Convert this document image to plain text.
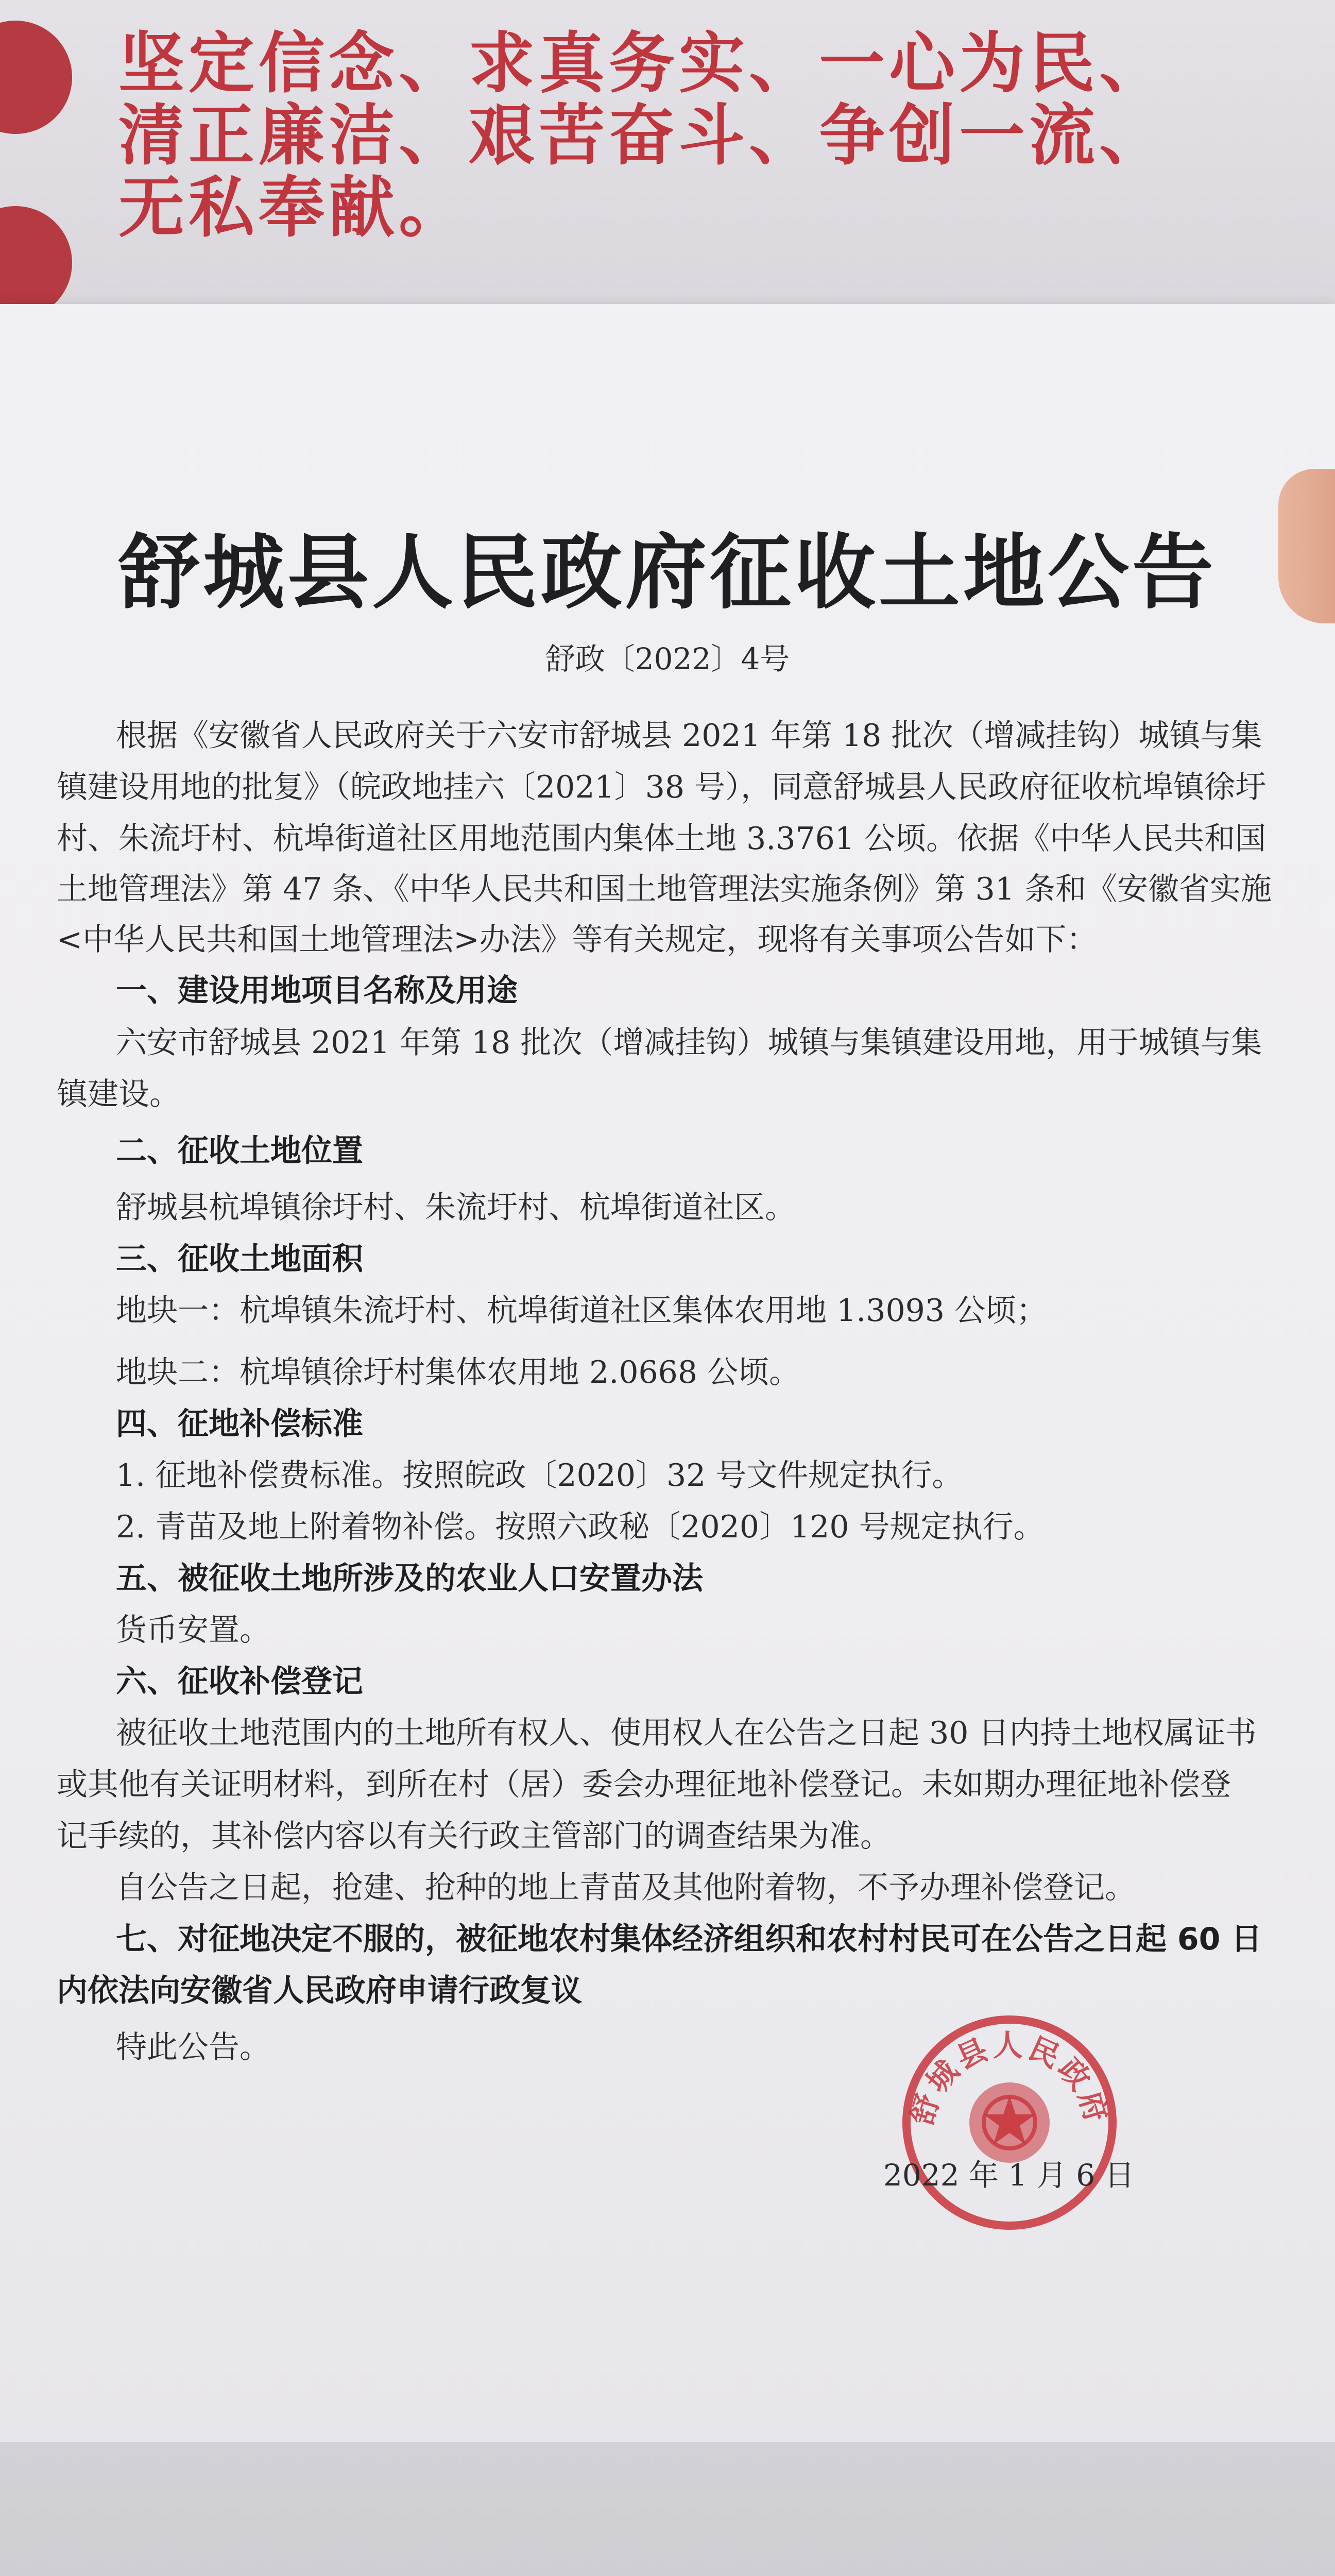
坚定信念、求真务实、一心为民、
清正廉洁、艰苦奋斗、争创一流、
无私奉献。
舒城县人民政府征收土地公告
舒政〔2022〕4号
根据《安徽省人民政府关于六安市舒城县 2021 年第 18 批次（增减挂钩）城镇与集
镇建设用地的批复》（皖政地挂六〔2021〕38 号），同意舒城县人民政府征收杭埠镇徐圩
村、朱流圩村、杭埠街道社区用地范围内集体土地 3.3761 公顷。依据《中华人民共和国
土地管理法》第 47 条、《中华人民共和国土地管理法实施条例》第 31 条和《安徽省实施
<中华人民共和国土地管理法>办法》等有关规定，现将有关事项公告如下：
一、建设用地项目名称及用途
六安市舒城县 2021 年第 18 批次（增减挂钩）城镇与集镇建设用地，用于城镇与集
镇建设。
二、征收土地位置
舒城县杭埠镇徐圩村、朱流圩村、杭埠街道社区。
三、征收土地面积
地块一：杭埠镇朱流圩村、杭埠街道社区集体农用地 1.3093 公顷；
地块二：杭埠镇徐圩村集体农用地 2.0668 公顷。
四、征地补偿标准
1. 征地补偿费标准。按照皖政〔2020〕32 号文件规定执行。
2. 青苗及地上附着物补偿。按照六政秘〔2020〕120 号规定执行。
五、被征收土地所涉及的农业人口安置办法
货币安置。
六、征收补偿登记
被征收土地范围内的土地所有权人、使用权人在公告之日起 30 日内持土地权属证书
或其他有关证明材料，到所在村（居）委会办理征地补偿登记。未如期办理征地补偿登
记手续的，其补偿内容以有关行政主管部门的调查结果为准。
自公告之日起，抢建、抢种的地上青苗及其他附着物，不予办理补偿登记。
七、对征地决定不服的，被征地农村集体经济组织和农村村民可在公告之日起 60 日
内依法向安徽省人民政府申请行政复议
特此公告。
舒城县人民政府
2022 年 1 月 6 日
